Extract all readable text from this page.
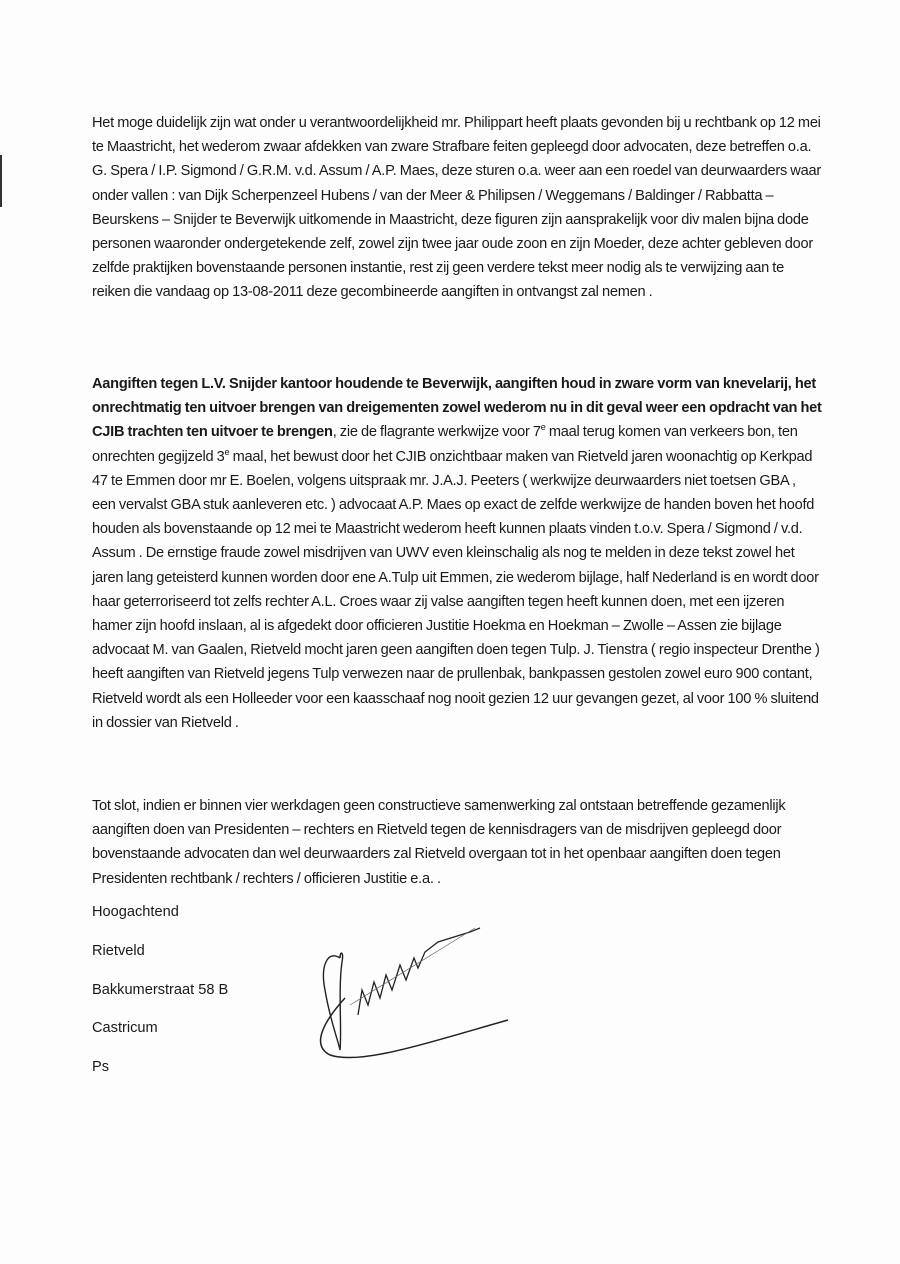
Het moge duidelijk zijn wat onder u verantwoordelijkheid mr. Philippart heeft plaats gevonden bij u rechtbank op 12 mei te Maastricht, het wederom zwaar afdekken van zware Strafbare feiten gepleegd door advocaten, deze betreffen o.a. G. Spera / I.P. Sigmond / G.R.M. v.d. Assum / A.P. Maes, deze sturen o.a. weer aan een roedel van deurwaarders waar onder vallen : van Dijk Scherpenzeel Hubens / van der Meer & Philipsen / Weggemans / Baldinger / Rabbatta – Beurskens – Snijder te Beverwijk uitkomende in Maastricht, deze figuren zijn aansprakelijk voor div malen bijna dode personen waaronder ondergetekende zelf, zowel zijn twee jaar oude zoon en zijn Moeder, deze achter gebleven door zelfde praktijken bovenstaande personen instantie, rest zij geen verdere tekst meer nodig als te verwijzing aan te reiken die vandaag op 13-08-2011 deze gecombineerde aangiften in ontvangst zal nemen .
Aangiften tegen L.V. Snijder kantoor houdende te Beverwijk, aangiften houd in zware vorm van knevelarij, het onrechtmatig ten uitvoer brengen van dreigementen zowel wederom nu in dit geval weer een opdracht van het CJIB trachten ten uitvoer te brengen, zie de flagrante werkwijze voor 7e maal terug komen van verkeers bon, ten onrechten gegijzeld 3e maal, het bewust door het CJIB onzichtbaar maken van Rietveld jaren woonachtig op Kerkpad 47 te Emmen door mr E. Boelen, volgens uitspraak mr. J.A.J. Peeters ( werkwijze deurwaarders niet toetsen GBA , een vervalst GBA stuk aanleveren etc. ) advocaat A.P. Maes op exact de zelfde werkwijze de handen boven het hoofd houden als bovenstaande op 12 mei te Maastricht wederom heeft kunnen plaats vinden t.o.v. Spera / Sigmond / v.d. Assum . De ernstige fraude zowel misdrijven van UWV even kleinschalig als nog te melden in deze tekst zowel het jaren lang geteisterd kunnen worden door ene A.Tulp uit Emmen, zie wederom bijlage, half Nederland is en wordt door haar geterroriseerd tot zelfs rechter A.L. Croes waar zij valse aangiften tegen heeft kunnen doen, met een ijzeren hamer zijn hoofd inslaan, al is afgedekt door officieren Justitie Hoekma en Hoekman – Zwolle – Assen zie bijlage advocaat M. van Gaalen, Rietveld mocht jaren geen aangiften doen tegen Tulp. J. Tienstra ( regio inspecteur Drenthe ) heeft aangiften van Rietveld jegens Tulp verwezen naar de prullenbak, bankpassen gestolen zowel euro 900 contant, Rietveld wordt als een Holleeder voor een kaasschaaf nog nooit gezien 12 uur gevangen gezet, al voor 100 % sluitend in dossier van Rietveld .
Tot slot, indien er binnen vier werkdagen geen constructieve samenwerking zal ontstaan betreffende gezamenlijk aangiften doen van Presidenten – rechters en Rietveld tegen de kennisdragers van de misdrijven gepleegd door bovenstaande advocaten dan wel deurwaarders zal Rietveld overgaan tot in het openbaar aangiften doen tegen Presidenten rechtbank / rechters / officieren Justitie e.a. .
Hoogachtend
Rietveld
Bakkumerstraat 58 B
Castricum
Ps
